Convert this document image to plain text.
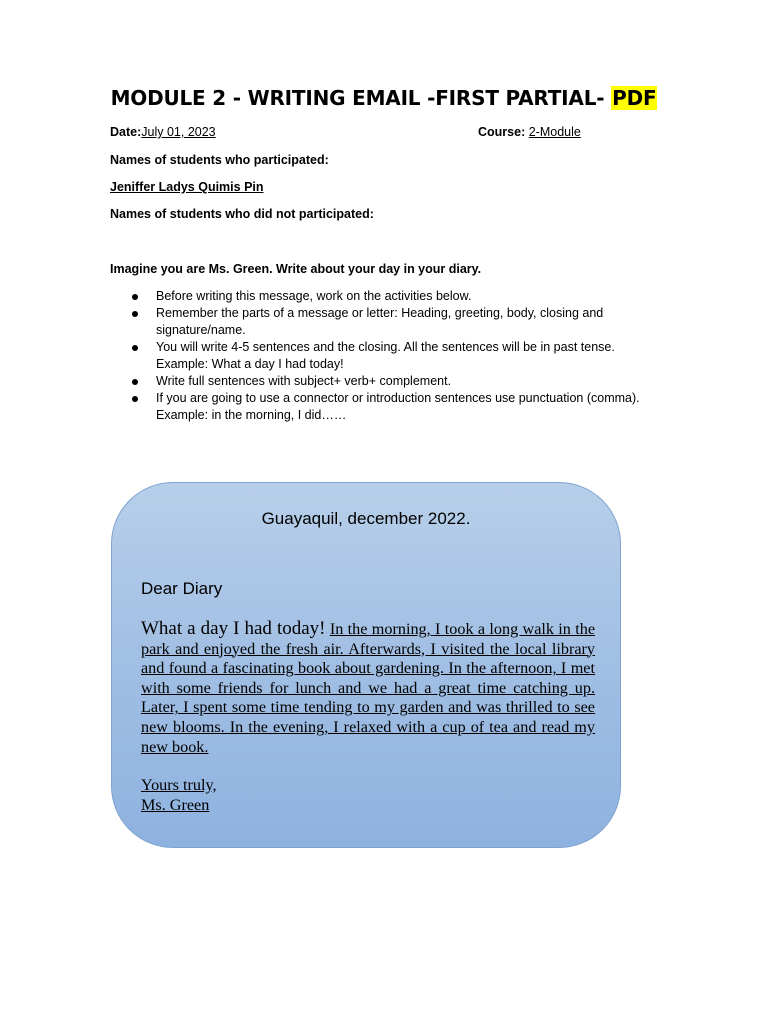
MODULE 2 - WRITING EMAIL -FIRST PARTIAL- PDF
Date:July 01, 2023	Course: 2-Module
Names of students who participated:
Jeniffer Ladys Quimis Pin
Names of students who did not participated:
Imagine you are Ms. Green. Write about your day in your diary.
Before writing this message, work on the activities below.
Remember the parts of a message or letter: Heading, greeting, body, closing and signature/name.
You will write 4-5 sentences and the closing. All the sentences will be in past tense. Example: What a day I had today!
Write full sentences with subject+ verb+ complement.
If you are going to use a connector or introduction sentences use punctuation (comma). Example: in the morning, I did……
Guayaquil, december 2022.
Dear Diary
What a day I had today! In the morning, I took a long walk in the park and enjoyed the fresh air. Afterwards, I visited the local library and found a fascinating book about gardening. In the afternoon, I met with some friends for lunch and we had a great time catching up. Later, I spent some time tending to my garden and was thrilled to see new blooms. In the evening, I relaxed with a cup of tea and read my new book.
Yours truly,
Ms. Green
